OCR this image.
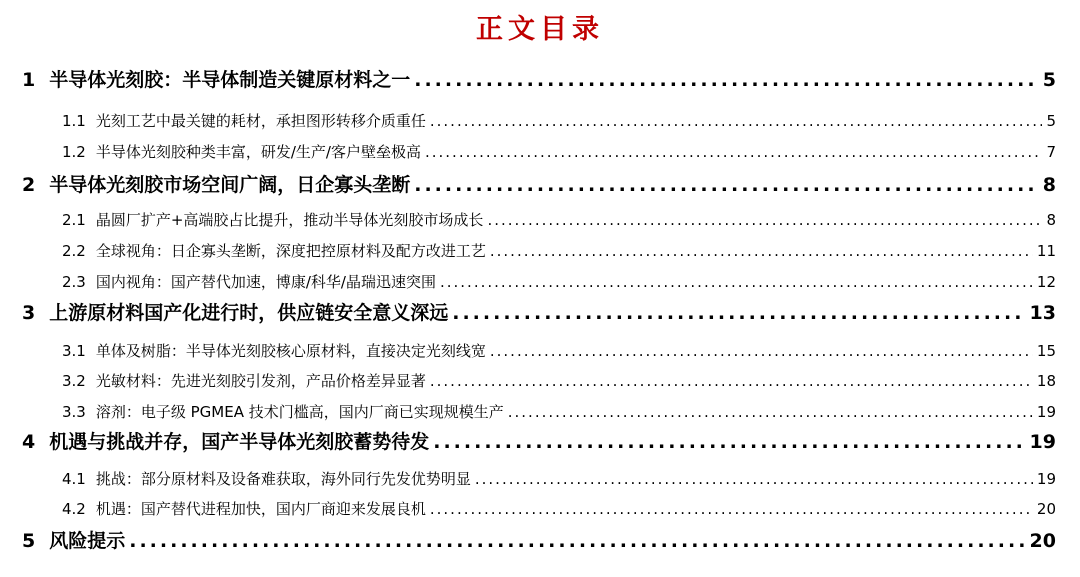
正文目录
1 半导体光刻胶：半导体制造关键原材料之一 .....	5
1.1 光刻工艺中最关键的耗材，承担图形转移介质重任 .....	5
1.2 半导体光刻胶种类丰富，研发/生产/客户壁垒极高 .....	7
2 半导体光刻胶市场空间广阔，日企寡头垄断 .....	8
2.1 晶圆厂扩产+高端胶占比提升，推动半导体光刻胶市场成长 .....	8
2.2 全球视角：日企寡头垄断，深度把控原材料及配方改进工艺 .....	11
2.3 国内视角：国产替代加速，博康/科华/晶瑞迅速突围 .....	12
3 上游原材料国产化进行时，供应链安全意义深远 .....	13
3.1 单体及树脂：半导体光刻胶核心原材料，直接决定光刻线宽 .....	15
3.2 光敏材料：先进光刻胶引发剂，产品价格差异显著 .....	18
3.3 溶剂：电子级 PGMEA 技术门槛高，国内厂商已实现规模生产 .....	19
4 机遇与挑战并存，国产半导体光刻胶蓄势待发 .....	19
4.1 挑战：部分原材料及设备难获取，海外同行先发优势明显 .....	19
4.2 机遇：国产替代进程加快，国内厂商迎来发展良机 .....	20
5 风险提示 .....	20
